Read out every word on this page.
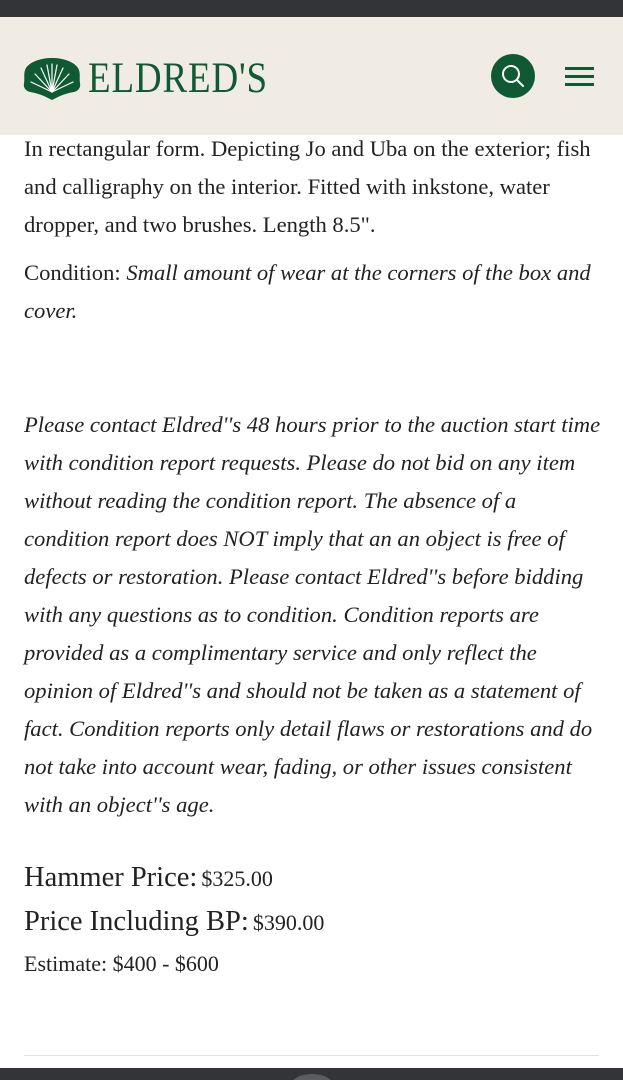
ELDRED'S

In rectangular form. Depicting Jo and Uba on the exterior; fish and calligraphy on the interior. Fitted with inkstone, water dropper, and two brushes. Length 8.5".

Condition: Small amount of wear at the corners of the box and cover.

Please contact Eldred''s 48 hours prior to the auction start time with condition report requests. Please do not bid on any item without reading the condition report. The absence of a condition report does NOT imply that an an object is free of defects or restoration. Please contact Eldred''s before bidding with any questions as to condition. Condition reports are provided as a complimentary service and only reflect the opinion of Eldred''s and should not be taken as a statement of fact. Condition reports only detail flaws or restorations and do not take into account wear, fading, or other issues consistent with an object''s age.

Hammer Price: $325.00
Price Including BP: $390.00
Estimate: $400 - $600
